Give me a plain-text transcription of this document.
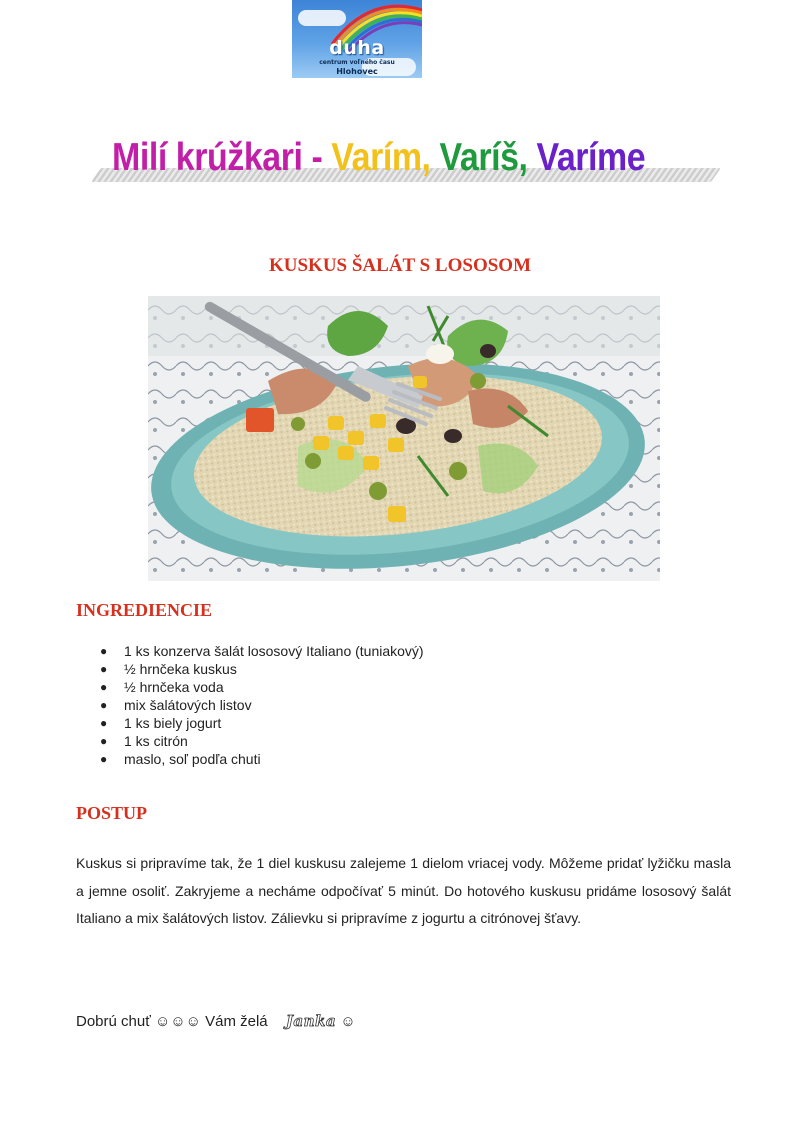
duha
centrum voľného času
Hlohovec
Milí krúžkari - Varím, Varíš, Varíme
KUSKUS ŠALÁT S LOSOSOM
INGREDIENCIE
● 1 ks konzerva šalát lososový Italiano (tuniakový)
● ½ hrnčeka kuskus
● ½ hrnčeka voda
● mix šalátových listov
● 1 ks biely jogurt
● 1 ks citrón
● maslo, soľ podľa chuti
POSTUP

Kuskus si pripravíme tak, že 1 diel kuskusu zalejeme 1 dielom vriacej vody. Môžeme pridať lyžičku masla a jemne osoliť. Zakryjeme a necháme odpočívať 5 minút. Do hotového kuskusu pridáme lososový šalát Italiano a mix šalátových listov. Zálievku si pripravíme z jogurtu a citrónovej šťavy.

Dobrú chuť ☺☺☺ Vám želá Janka ☺
